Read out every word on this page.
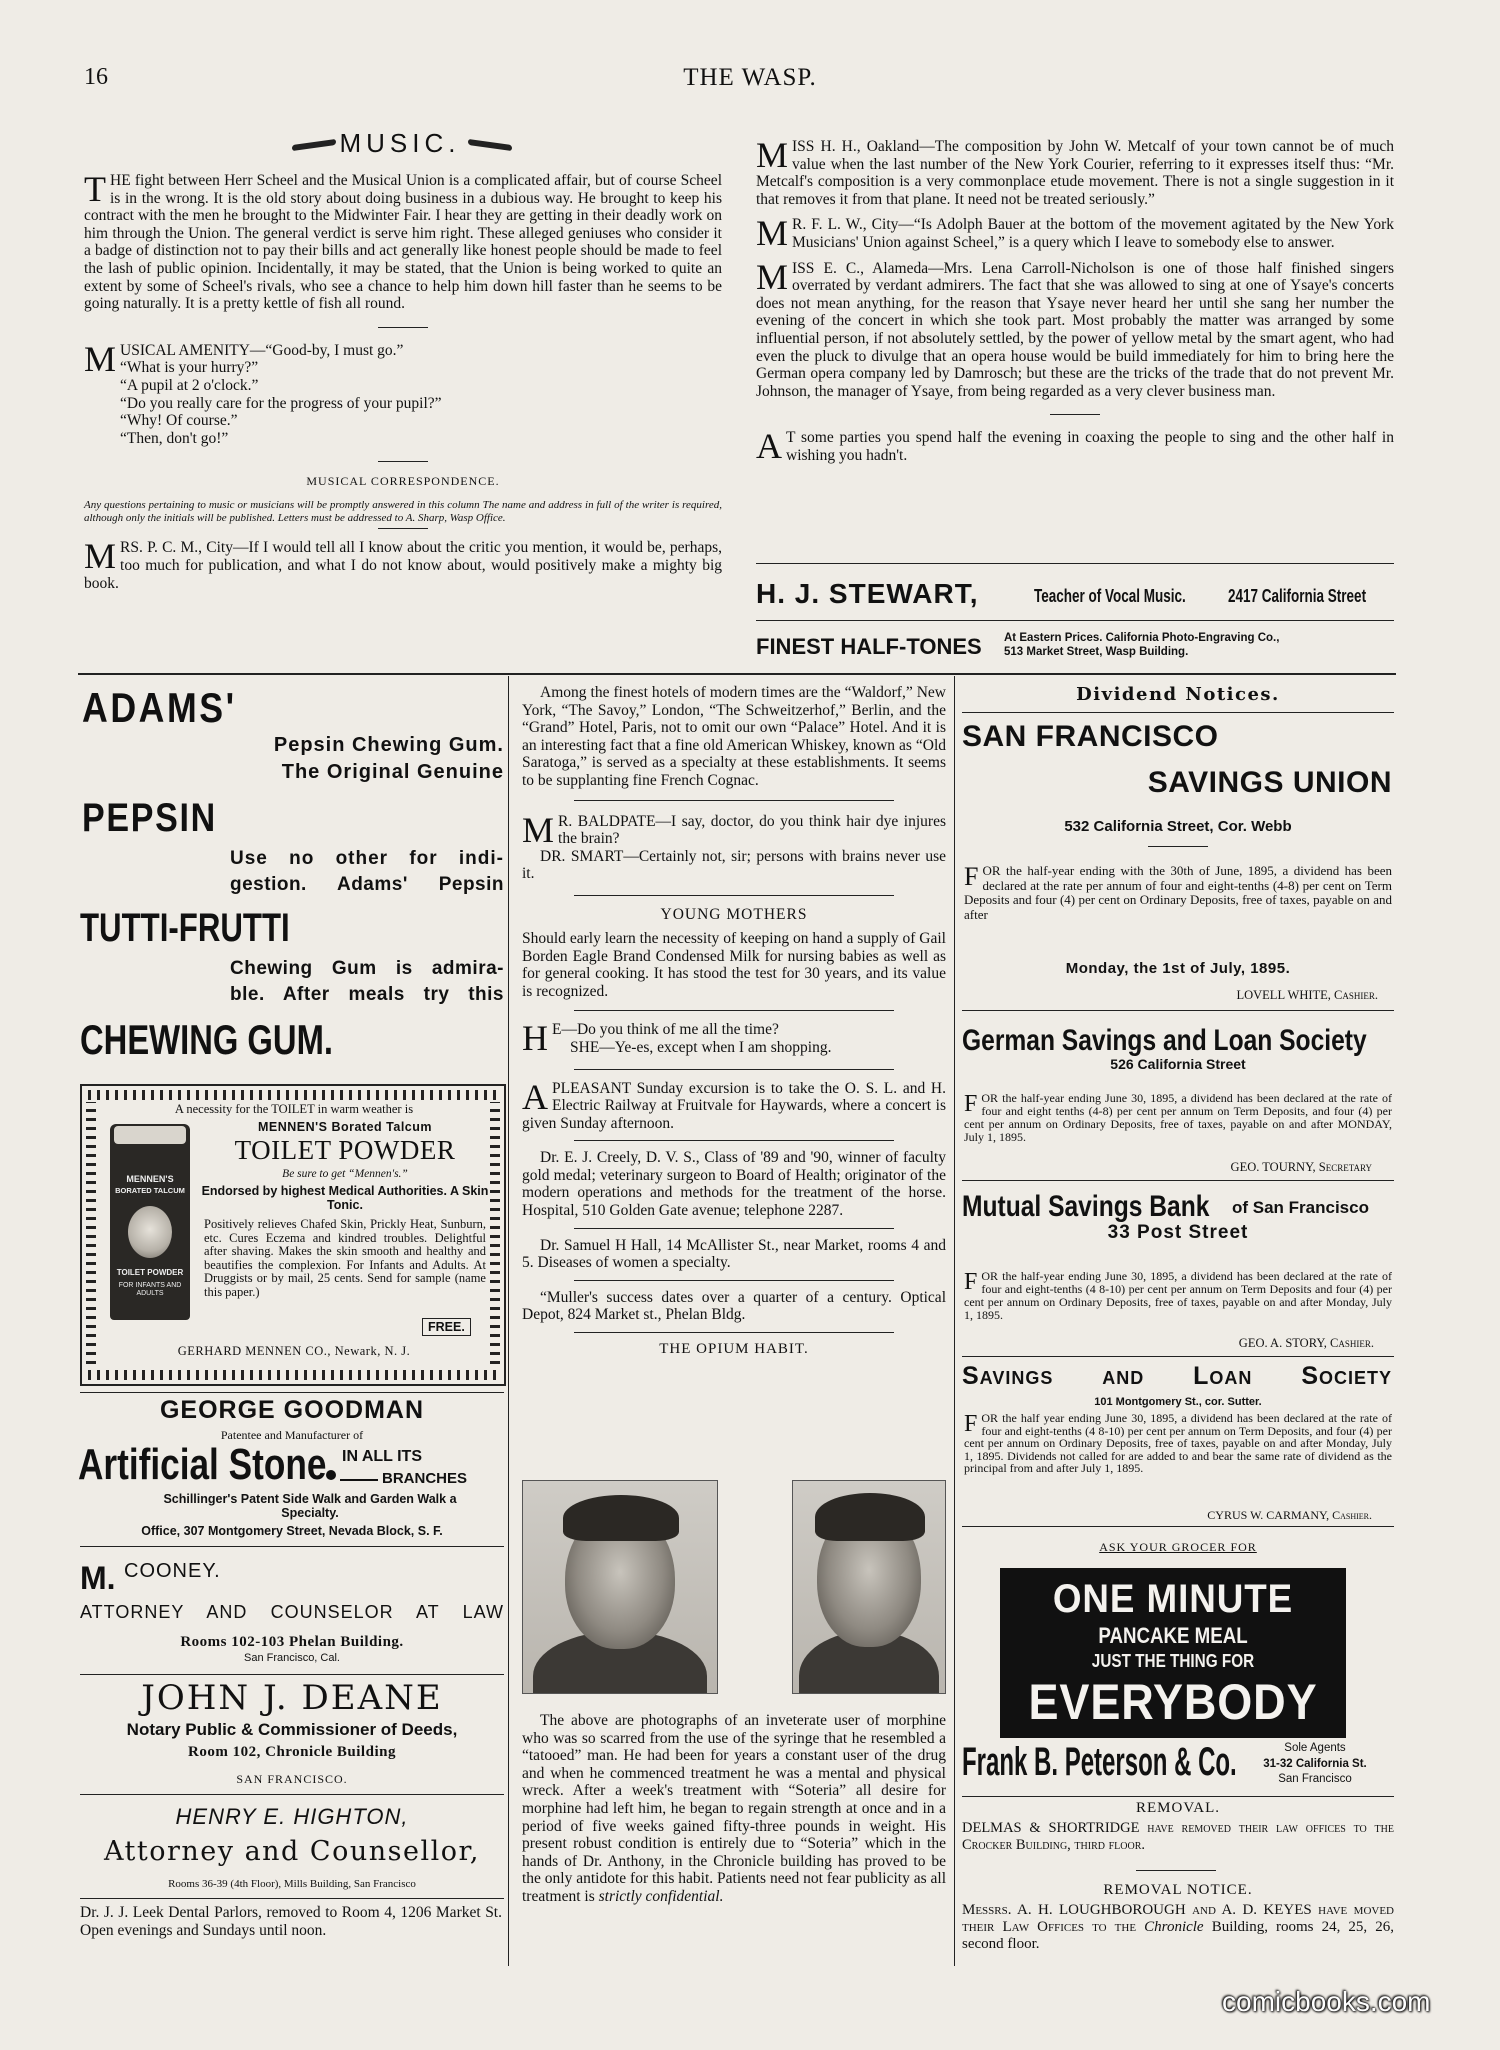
16	THE WASP.
MUSIC.

THE fight between Herr Scheel and the Musical Union is a complicated affair, but of course Scheel is in the wrong. It is the old story about doing business in a dubious way. He brought to keep his contract with the men he brought to the Midwinter Fair. I hear they are getting in their deadly work on him through the Union. The general verdict is serve him right. These alleged geniuses who consider it a badge of distinction not to pay their bills and act generally like honest people should be made to feel the lash of public opinion. Incidentally, it may be stated, that the Union is being worked to quite an extent by some of Scheel's rivals, who see a chance to help him down hill faster than he seems to be going naturally. It is a pretty kettle of fish all round.

M USICAL AMENITY—“Good-by, I must go.”
“What is your hurry?”
“A pupil at 2 o'clock.”
“Do you really care for the progress of your pupil?”
“Why! Of course.”
“Then, don't go!”
MUSICAL CORRESPONDENCE.
Any questions pertaining to music or musicians will be promptly answered in this column The name and address in full of the writer is required, although only the initials will be published. Letters must be addressed to A. Sharp, Wasp Office.

MRS. P. C. M., City—If I would tell all I know about the critic you mention, it would be, perhaps, too much for publication, and what I do not know about, would positively make a mighty big book.

MISS H. H., Oakland—The composition by John W. Metcalf of your town cannot be of much value when the last number of the New York Courier, referring to it expresses itself thus: “Mr. Metcalf's composition is a very commonplace etude movement. There is not a single suggestion in it that removes it from that plane. It need not be treated seriously.”

M R. F. L. W., City—“Is Adolph Bauer at the bottom of the movement agitated by the New York Musicians' Union against Scheel,” is a query which I leave to somebody else to answer.

MISS E. C., Alameda—Mrs. Lena Carroll-Nicholson is one of those half finished singers overrated by verdant admirers. The fact that she was allowed to sing at one of Ysaye's concerts does not mean anything, for the reason that Ysaye never heard her until she sang her number the evening of the concert in which she took part. Most probably the matter was arranged by some influential person, if not absolutely settled, by the power of yellow metal by the smart agent, who had even the pluck to divulge that an opera house would be build immediately for him to bring here the German opera company led by Damrosch; but these are the tricks of the trade that do not prevent Mr. Johnson, the manager of Ysaye, from being regarded as a very clever business man.

A T some parties you spend half the evening in coaxing the people to sing and the other half in wishing you hadn't.

H. J. STEWART,	Teacher of Vocal Music. 2417 California Street
FINEST HALF-TONES At Eastern Prices. California Photo-Engraving Co.,
513 Market Street, Wasp Building.
ADAMS'
Pepsin Chewing Gum.
The Original Genuine
PEPSIN
Use no other for indi-
gestion. Adams' Pepsin
TUTTI-FRUTTI
Chewing Gum is admira-
ble. After meals try this
CHEWING GUM.
A necessity for the TOILET in warm weather is
MENNEN'S
BORATED TALCUM
TOILET POWDER
FOR INFANTS AND ADULTS
MENNEN'S Borated Talcum
TOILET POWDER
Be sure to get “Mennen's.”
Endorsed by highest Medical Authorities. A Skin Tonic.
Positively relieves Chafed Skin, Prickly Heat, Sunburn, etc. Cures Eczema and kindred troubles. Delightful after shaving. Makes the skin smooth and healthy and beautifies the complexion. For Infants and Adults. At Druggists or by mail, 25 cents. Send for sample (name this paper.)
FREE.
GERHARD MENNEN CO., Newark, N. J.
GEORGE GOODMAN
Patentee and Manufacturer of
Artificial Stone IN ALL ITS
BRANCHES
Schillinger's Patent Side Walk and Garden Walk a Specialty.
Office, 307 Montgomery Street, Nevada Block, S. F.
M. COONEY.
ATTORNEY AND COUNSELOR AT LAW
Rooms 102-103 Phelan Building.
San Francisco, Cal.
JOHN J. DEANE
Notary Public & Commissioner of Deeds,
Room 102, Chronicle Building
SAN FRANCISCO.
HENRY E. HIGHTON,
Attorney and Counsellor,
Rooms 36-39 (4th Floor), Mills Building, San Francisco

Dr. J. J. Leek Dental Parlors, removed to Room 4, 1206 Market St. Open evenings and Sundays until noon.

Among the finest hotels of modern times are the “Waldorf,” New York, “The Savoy,” London, “The Schweitzerhof,” Berlin, and the “Grand” Hotel, Paris, not to omit our own “Palace” Hotel. And it is an interesting fact that a fine old American Whiskey, known as “Old Saratoga,” is served as a specialty at these establishments. It seems to be supplanting fine French Cognac.

M R. BALDPATE—I say, doctor, do you think hair dye injures the brain?

DR. SMART—Certainly not, sir; persons with brains never use it.

YOUNG MOTHERS

Should early learn the necessity of keeping on hand a supply of Gail Borden Eagle Brand Condensed Milk for nursing babies as well as for general cooking. It has stood the test for 30 years, and its value is recognized.

H E—Do you think of me all the time?

SHE—Ye-es, except when I am shopping.

APLEASANT Sunday excursion is to take the O. S. L. and H. Electric Railway at Fruitvale for Haywards, where a concert is given Sunday afternoon.

Dr. E. J. Creely, D. V. S., Class of '89 and '90, winner of faculty gold medal; veterinary surgeon to Board of Health; originator of the modern operations and methods for the treatment of the horse. Hospital, 510 Golden Gate avenue; telephone 2287.

Dr. Samuel H Hall, 14 McAllister St., near Market, rooms 4 and 5. Diseases of women a specialty.

“Muller's success dates over a quarter of a century. Optical Depot, 824 Market st., Phelan Bldg.

THE OPIUM HABIT.

The above are photographs of an inveterate user of morphine who was so scarred from the use of the syringe that he resembled a “tatooed” man. He had been for years a constant user of the drug and when he commenced treatment he was a mental and physical wreck. After a week's treatment with “Soteria” all desire for morphine had left him, he began to regain strength at once and in a period of five weeks gained fifty-three pounds in weight. His present robust condition is entirely due to “Soteria” which in the hands of Dr. Anthony, in the Chronicle building has proved to be the only antidote for this habit. Patients need not fear publicity as all treatment is strictly confidential.

Dividend Notices.
SAN FRANCISCO
SAVINGS UNION
532 California Street, Cor. Webb

FOR the half-year ending with the 30th of June, 1895, a dividend has been declared at the rate per annum of four and eight-tenths (4-8) per cent on Term Deposits and four (4) per cent on Ordinary Deposits, free of taxes, payable on and after

Monday, the 1st of July, 1895.
LOVELL WHITE, Cashier.
German Savings and Loan Society
526 California Street

FOR the half-year ending June 30, 1895, a dividend has been declared at the rate of four and eight tenths (4-8) per cent per annum on Term Deposits, and four (4) per cent per annum on Ordinary Deposits, free of taxes, payable on and after MONDAY, July 1, 1895.

GEO. TOURNY, Secretary
Mutual Savings Bank of San Francisco
33 Post Street

FOR the half-year ending June 30, 1895, a dividend has been declared at the rate of four and eight-tenths (4 8-10) per cent per annum on Term Deposits and four (4) per cent per annum on Ordinary Deposits, free of taxes, payable on and after Monday, July 1, 1895.

GEO. A. STORY, Cashier.
Savings and Loan Society
101 Montgomery St., cor. Sutter.

FOR the half year ending June 30, 1895, a dividend has been declared at the rate of four and eight-tenths (4 8-10) per cent per annum on Term Deposits, and four (4) per cent per annum on Ordinary Deposits, free of taxes, payable on and after Monday, July 1, 1895. Dividends not called for are added to and bear the same rate of dividend as the principal from and after July 1, 1895.

CYRUS W. CARMANY, Cashier.
ASK YOUR GROCER FOR
ONE MINUTE
PANCAKE MEAL
JUST THE THING FOR
EVERYBODY
Frank B. Peterson & Co.	Sole Agents
31-32 California St.
San Francisco
REMOVAL.

DELMAS & SHORTRIDGE have removed their law offices to the Crocker Building, third floor.

REMOVAL NOTICE.

Messrs. A. H. LOUGHBOROUGH and A. D. KEYES have moved their Law Offices to the Chronicle Building, rooms 24, 25, 26, second floor.

comicbooks.com
